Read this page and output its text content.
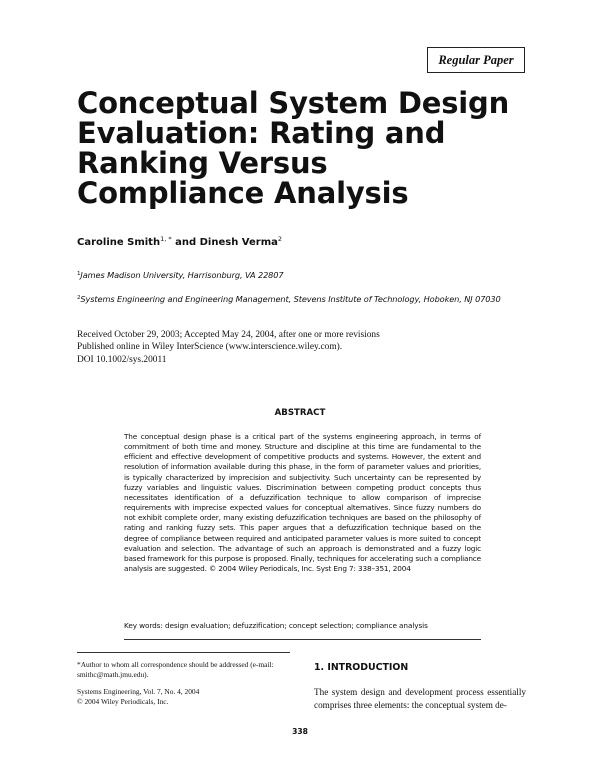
Regular Paper
Conceptual System Design
Evaluation: Rating and
Ranking Versus
Compliance Analysis
Caroline Smith$^{1, *}$ and Dinesh Verma$^2$
$^1$James Madison University, Harrisonburg, VA 22807
$^2$Systems Engineering and Engineering Management, Stevens Institute of Technology, Hoboken, NJ 07030
Received October 29, 2003; Accepted May 24, 2004, after one or more revisions
Published online in Wiley InterScience (www.interscience.wiley.com).
DOI 10.1002/sys.20011
ABSTRACT
The conceptual design phase is a critical part of the systems engineering approach, in terms of commitment of both time and money. Structure and discipline at this time are fundamental to the efficient and effective development of competitive products and systems. However, the extent and resolution of information available during this phase, in the form of parameter values and priorities, is typically characterized by imprecision and subjectivity. Such uncertainty can be represented by fuzzy variables and linguistic values. Discrimination between competing product concepts thus necessitates identification of a defuzzification technique to allow comparison of imprecise requirements with imprecise expected values for conceptual alternatives. Since fuzzy numbers do not exhibit complete order, many existing defuzzification techniques are based on the philosophy of rating and ranking fuzzy sets. This paper argues that a defuzzification technique based on the degree of compliance between required and anticipated parameter values is more suited to concept evaluation and selection. The advantage of such an approach is demonstrated and a fuzzy logic based framework for this purpose is proposed. Finally, techniques for accelerating such a compliance analysis are suggested. © 2004 Wiley Periodicals, Inc. Syst Eng 7: 338–351, 2004
Key words: design evaluation; defuzzification; concept selection; compliance analysis
*Author to whom all correspondence should be addressed (e-mail: smithc@math.jmu.edu).
Systems Engineering, Vol. 7, No. 4, 2004
© 2004 Wiley Periodicals, Inc.
1. INTRODUCTION
The system design and development process essentially comprises three elements: the conceptual system de-
338
